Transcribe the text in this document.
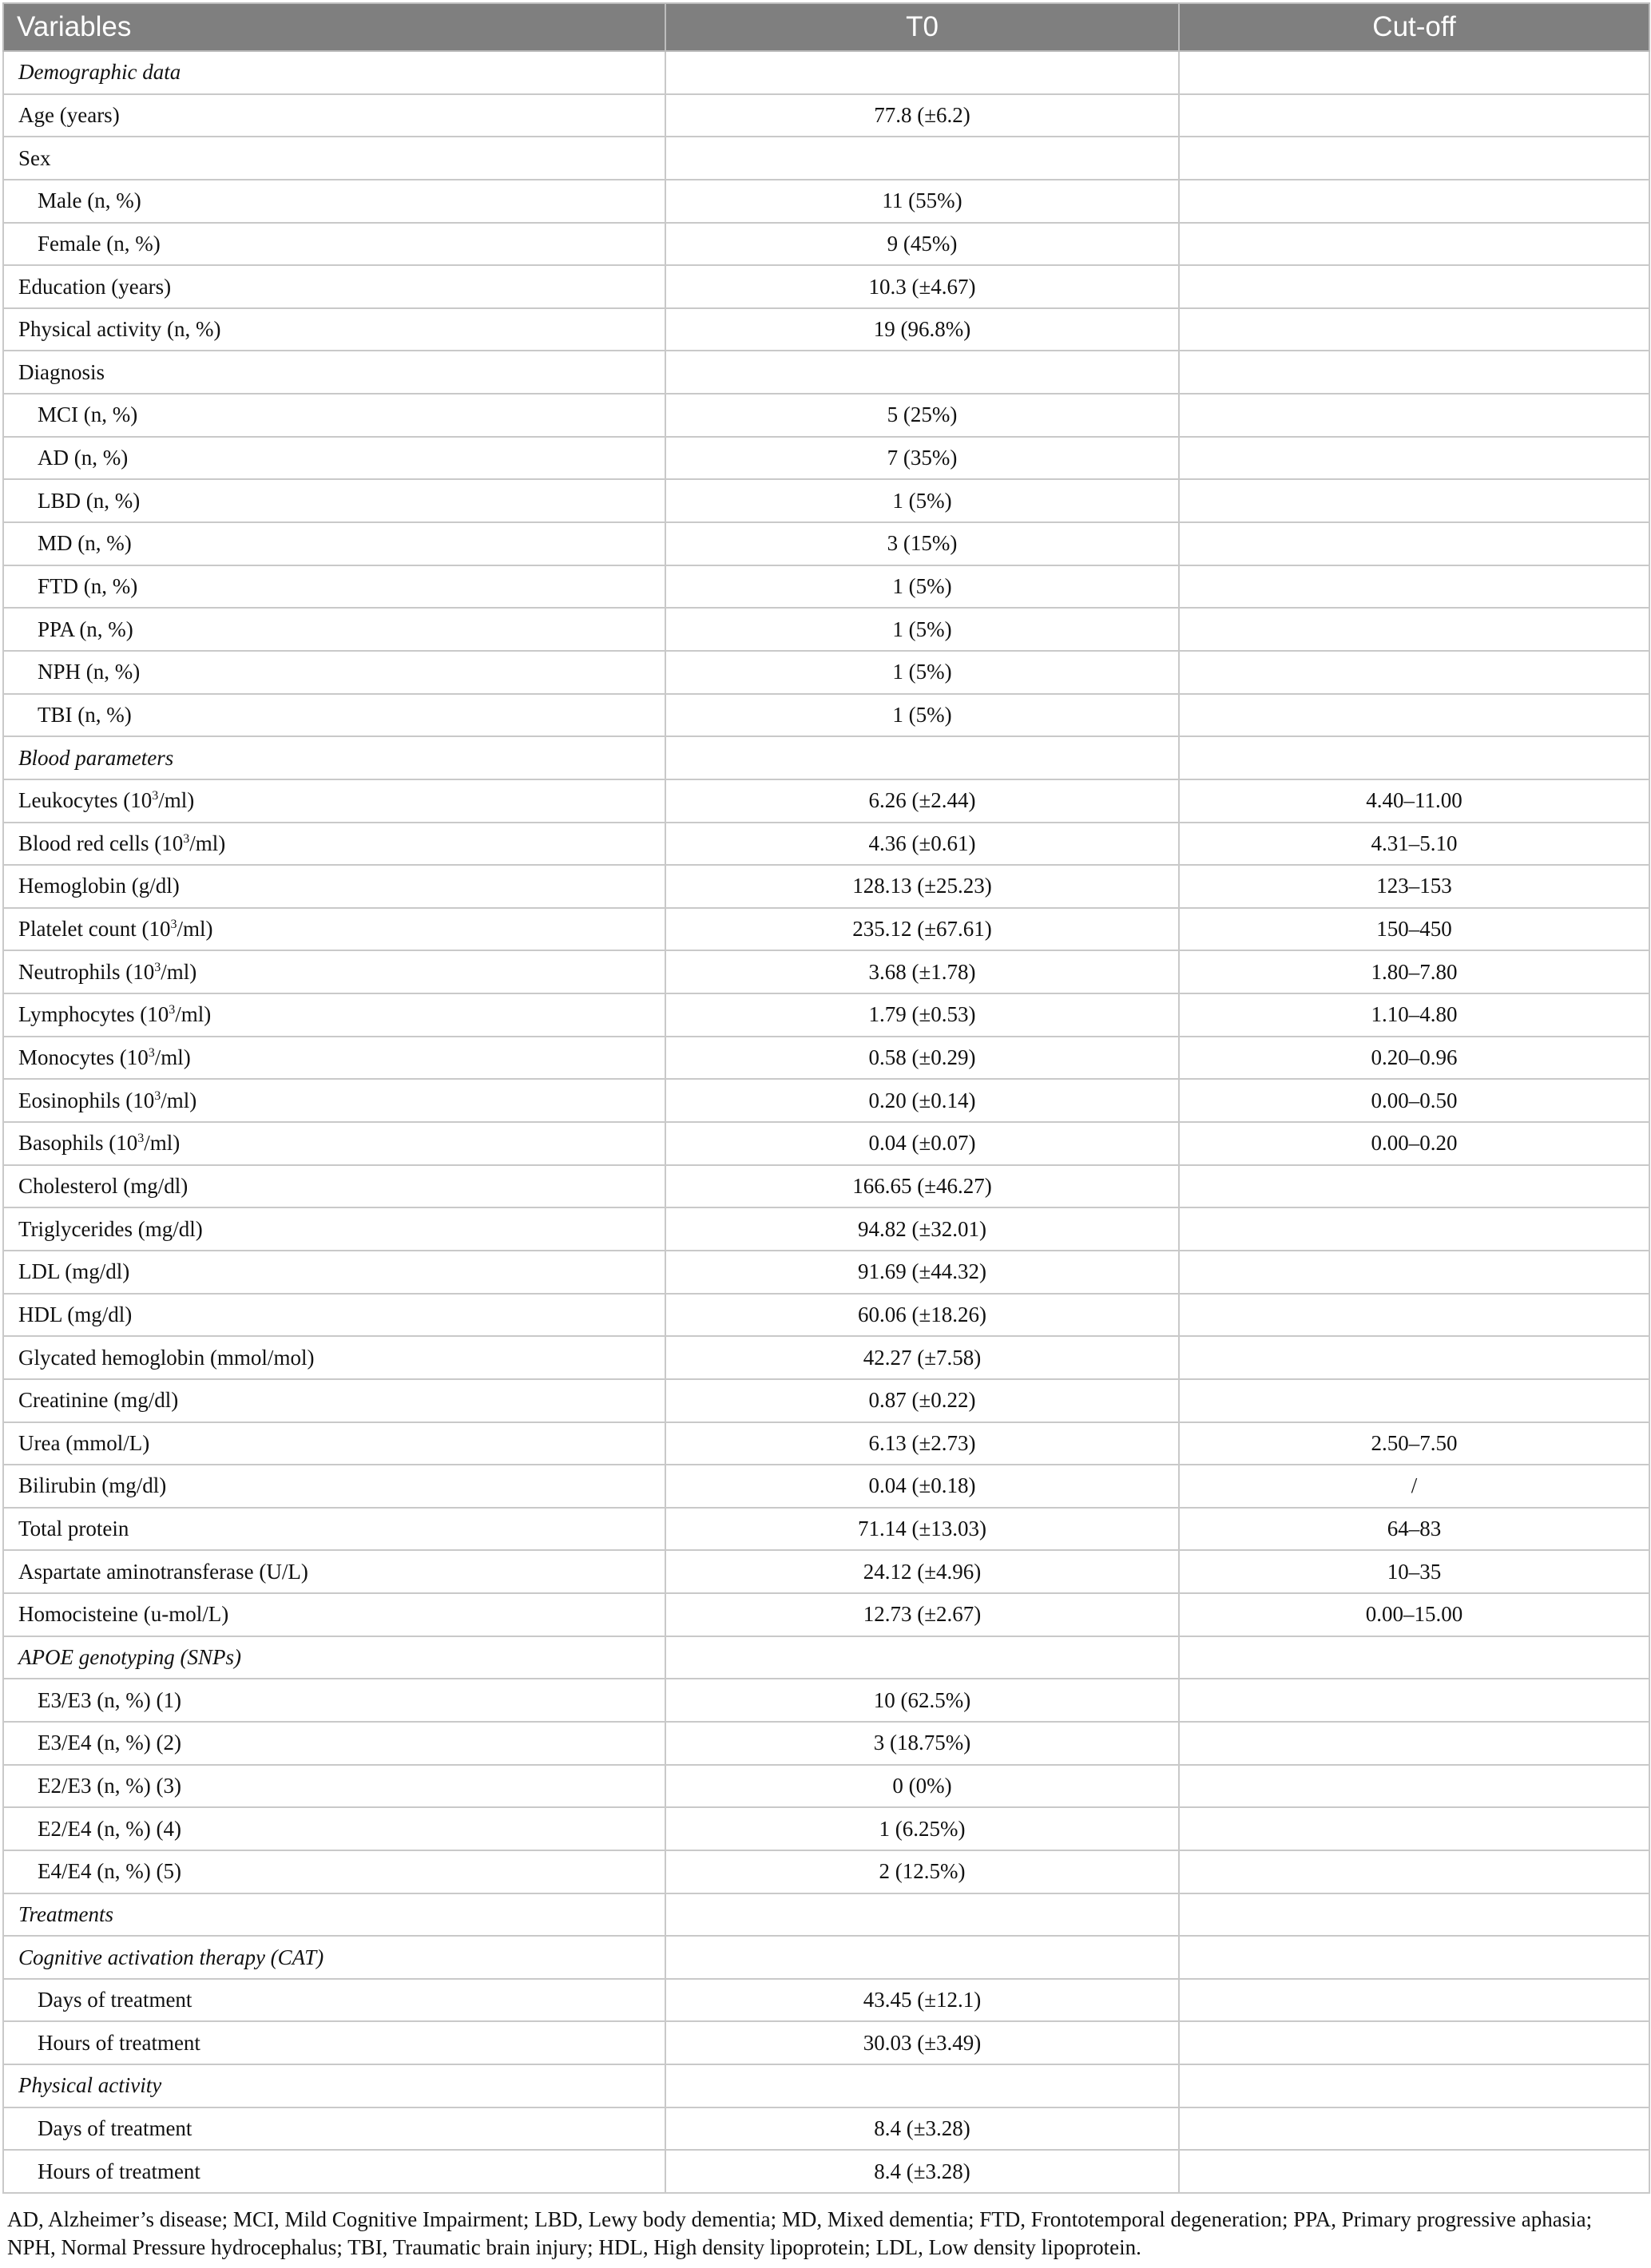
Variables	T0	Cut-off
Demographic data		
Age (years)	77.8 (±6.2)	
Sex		
Male (n, %)	11 (55%)	
Female (n, %)	9 (45%)	
Education (years)	10.3 (±4.67)	
Physical activity (n, %)	19 (96.8%)	
Diagnosis		
MCI (n, %)	5 (25%)	
AD (n, %)	7 (35%)	
LBD (n, %)	1 (5%)	
MD (n, %)	3 (15%)	
FTD (n, %)	1 (5%)	
PPA (n, %)	1 (5%)	
NPH (n, %)	1 (5%)	
TBI (n, %)	1 (5%)	
Blood parameters		
Leukocytes $(10^3/ml)$	6.26 (±2.44)	4.40–11.00
Blood red cells $(10^3/ml)$	4.36 (±0.61)	4.31–5.10
Hemoglobin (g/dl)	128.13 (±25.23)	123–153
Platelet count $(10^3/ml)$	235.12 (±67.61)	150–450
Neutrophils $(10^3/ml)$	3.68 (±1.78)	1.80–7.80
Lymphocytes $(10^3/ml)$	1.79 (±0.53)	1.10–4.80
Monocytes $(10^3/ml)$	0.58 (±0.29)	0.20–0.96
Eosinophils $(10^3/ml)$	0.20 (±0.14)	0.00–0.50
Basophils $(10^3/ml)$	0.04 (±0.07)	0.00–0.20
Cholesterol (mg/dl)	166.65 (±46.27)	
Triglycerides (mg/dl)	94.82 (±32.01)	
LDL (mg/dl)	91.69 (±44.32)	
HDL (mg/dl)	60.06 (±18.26)	
Glycated hemoglobin (mmol/mol)	42.27 (±7.58)	
Creatinine (mg/dl)	0.87 (±0.22)	
Urea (mmol/L)	6.13 (±2.73)	2.50–7.50
Bilirubin (mg/dl)	0.04 (±0.18)	/
Total protein	71.14 (±13.03)	64–83
Aspartate aminotransferase (U/L)	24.12 (±4.96)	10–35
Homocisteine (u-mol/L)	12.73 (±2.67)	0.00–15.00
APOE genotyping (SNPs)		
E3/E3 (n, %) (1)	10 (62.5%)	
E3/E4 (n, %) (2)	3 (18.75%)	
E2/E3 (n, %) (3)	0 (0%)	
E2/E4 (n, %) (4)	1 (6.25%)	
E4/E4 (n, %) (5)	2 (12.5%)	
Treatments		
Cognitive activation therapy (CAT)		
Days of treatment	43.45 (±12.1)	
Hours of treatment	30.03 (±3.49)	
Physical activity		
Days of treatment	8.4 (±3.28)	
Hours of treatment	8.4 (±3.28)	
AD, Alzheimer’s disease; MCI, Mild Cognitive Impairment; LBD, Lewy body dementia; MD, Mixed dementia; FTD, Frontotemporal degeneration; PPA, Primary progressive aphasia; NPH, Normal Pressure hydrocephalus; TBI, Traumatic brain injury; HDL, High density lipoprotein; LDL, Low density lipoprotein.
